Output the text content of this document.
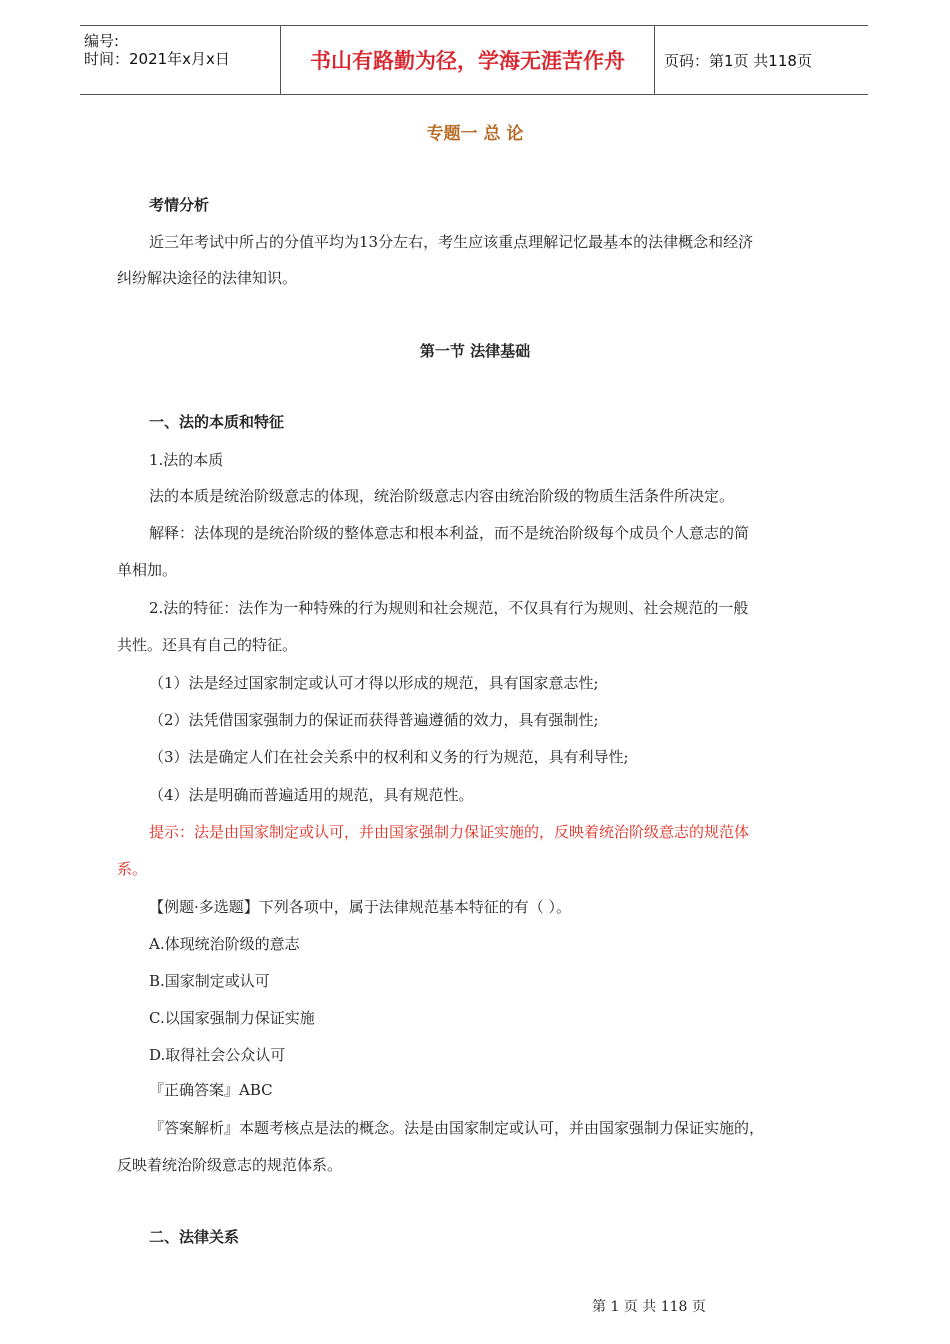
编号:
时间：2021年x月x日	书山有路勤为径，学海无涯苦作舟	页码：第1页 共118页
专题一 总 论
考情分析
近三年考试中所占的分值平均为13分左右，考生应该重点理解记忆最基本的法律概念和经济
纠纷解决途径的法律知识。
第一节 法律基础
一、法的本质和特征
1.法的本质
法的本质是统治阶级意志的体现，统治阶级意志内容由统治阶级的物质生活条件所决定。
解释：法体现的是统治阶级的整体意志和根本利益，而不是统治阶级每个成员个人意志的简
单相加。
2.法的特征：法作为一种特殊的行为规则和社会规范，不仅具有行为规则、社会规范的一般
共性。还具有自己的特征。
（1）法是经过国家制定或认可才得以形成的规范，具有国家意志性;
（2）法凭借国家强制力的保证而获得普遍遵循的效力，具有强制性;
（3）法是确定人们在社会关系中的权利和义务的行为规范，具有利导性;
（4）法是明确而普遍适用的规范，具有规范性。
提示：法是由国家制定或认可，并由国家强制力保证实施的，反映着统治阶级意志的规范体
系。
【例题·多选题】下列各项中，属于法律规范基本特征的有（ ）。
A.体现统治阶级的意志
B.国家制定或认可
C.以国家强制力保证实施
D.取得社会公众认可
『正确答案』ABC
『答案解析』本题考核点是法的概念。法是由国家制定或认可，并由国家强制力保证实施的，
反映着统治阶级意志的规范体系。
二、法律关系
第 1 页 共 118 页
